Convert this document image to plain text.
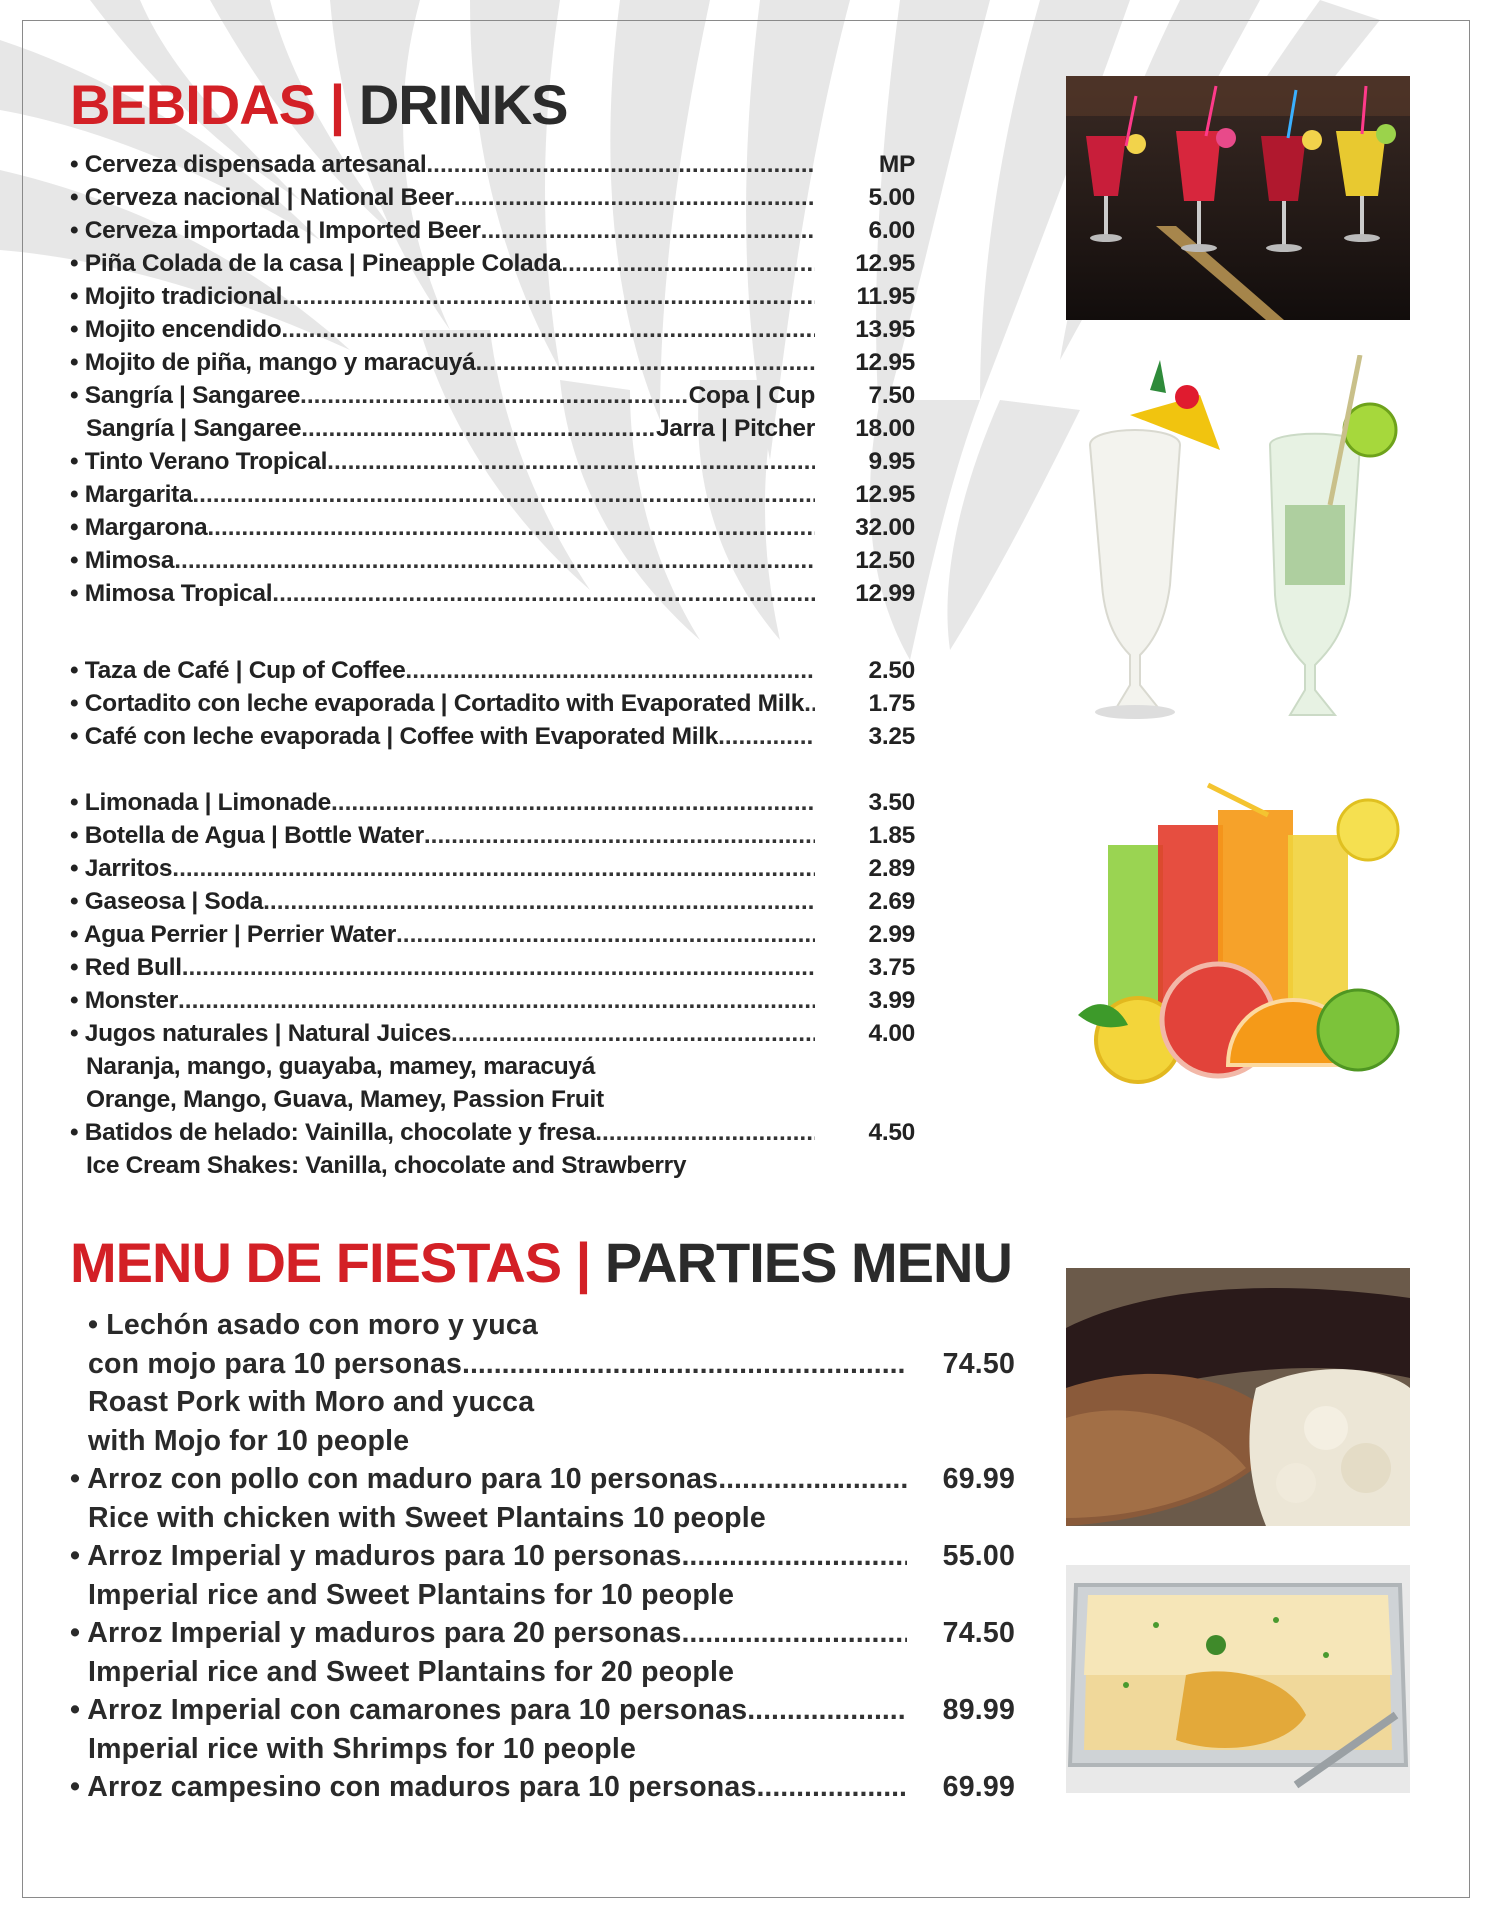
BEBIDAS | DRINKS
• Cerveza dispensada artesanal .....	MP
• Cerveza nacional | National Beer .....	5.00
• Cerveza importada | Imported Beer .....	6.00
• Piña Colada de la casa | Pineapple Colada .....	12.95
• Mojito tradicional .....	11.95
• Mojito encendido .....	13.95
• Mojito de piña, mango y maracuyá .....	12.95
• Sangría | Sangaree .....	Copa | Cup	7.50
Sangría | Sangaree .....	Jarra | Pitcher	18.00
• Tinto Verano Tropical .....	9.95
• Margarita .....	12.95
• Margarona .....	32.00
• Mimosa .....	12.50
• Mimosa Tropical .....	12.99
• Taza de Café | Cup of Coffee .....	2.50
• Cortadito con leche evaporada | Cortadito with Evaporated Milk .....	1.75
• Café con leche evaporada | Coffee with Evaporated Milk .....	3.25
• Limonada | Limonade .....	3.50
• Botella de Agua | Bottle Water .....	1.85
• Jarritos .....	2.89
• Gaseosa | Soda .....	2.69
• Agua Perrier | Perrier Water .....	2.99
• Red Bull .....	3.75
• Monster .....	3.99
• Jugos naturales | Natural Juices .....	4.00
Naranja, mango, guayaba, mamey, maracuyá
Orange, Mango, Guava, Mamey, Passion Fruit
• Batidos de helado: Vainilla, chocolate y fresa .....	4.50
Ice Cream Shakes: Vanilla, chocolate and Strawberry
MENU DE FIESTAS | PARTIES MENU
• Lechón asado con moro y yuca
con mojo para 10 personas .....	74.50
Roast Pork with Moro and yucca
with Mojo for 10 people
• Arroz con pollo con maduro para 10 personas .....	69.99
Rice with chicken with Sweet Plantains 10 people
• Arroz Imperial y maduros para 10 personas .....	55.00
Imperial rice and Sweet Plantains for 10 people
• Arroz Imperial y maduros para 20 personas .....	74.50
Imperial rice and Sweet Plantains for 20 people
• Arroz Imperial con camarones para 10 personas .....	89.99
Imperial rice with Shrimps for 10 people
• Arroz campesino con maduros para 10 personas .....	69.99
